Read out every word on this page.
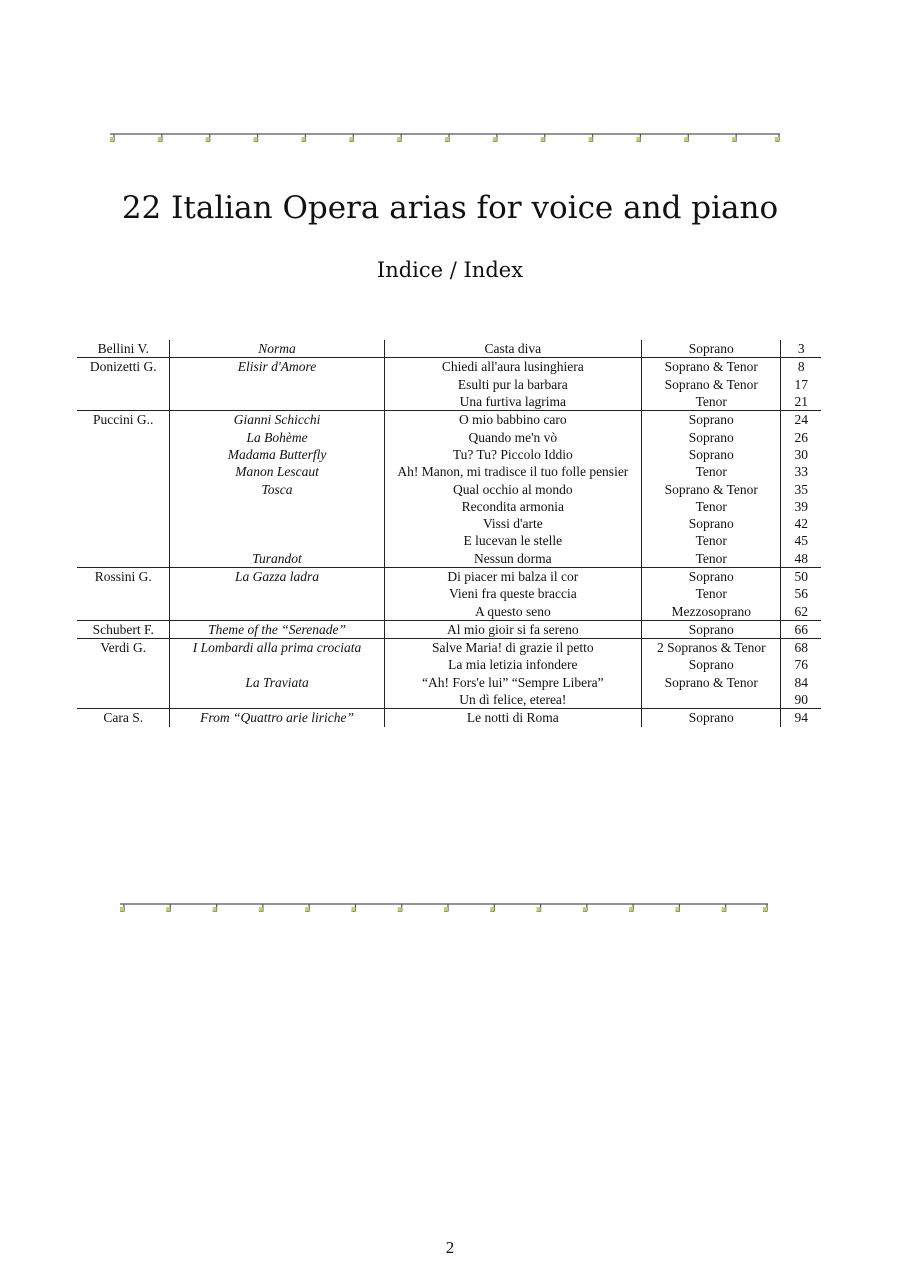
22 Italian Opera arias for voice and piano
Indice / Index
Bellini V.	Norma	Casta diva	Soprano	3
Donizetti G.	Elisir d'Amore	Chiedi all'aura lusinghiera	Soprano & Tenor	8
		Esulti pur la barbara	Soprano & Tenor	17
		Una furtiva lagrima	Tenor	21
Puccini G..	Gianni Schicchi	O mio babbino caro	Soprano	24
	La Bohème	Quando me'n vò	Soprano	26
	Madama Butterfly	Tu? Tu? Piccolo Iddio	Soprano	30
	Manon Lescaut	Ah! Manon, mi tradisce il tuo folle pensier	Tenor	33
	Tosca	Qual occhio al mondo	Soprano & Tenor	35
		Recondita armonia	Tenor	39
		Vissi d'arte	Soprano	42
		E lucevan le stelle	Tenor	45
	Turandot	Nessun dorma	Tenor	48
Rossini G.	La Gazza ladra	Di piacer mi balza il cor	Soprano	50
		Vieni fra queste braccia	Tenor	56
		A questo seno	Mezzosoprano	62
Schubert F.	Theme of the “Serenade”	Al mio gioir si fa sereno	Soprano	66
Verdi G.	I Lombardi alla prima crociata	Salve Maria! di grazie il petto	2 Sopranos & Tenor	68
		La mia letizia infondere	Soprano	76
	La Traviata	“Ah! Fors'e lui” “Sempre Libera”	Soprano & Tenor	84
		Un dì felice, eterea!		90
Cara S.	From “Quattro arie liriche”	Le notti di Roma	Soprano	94
2
